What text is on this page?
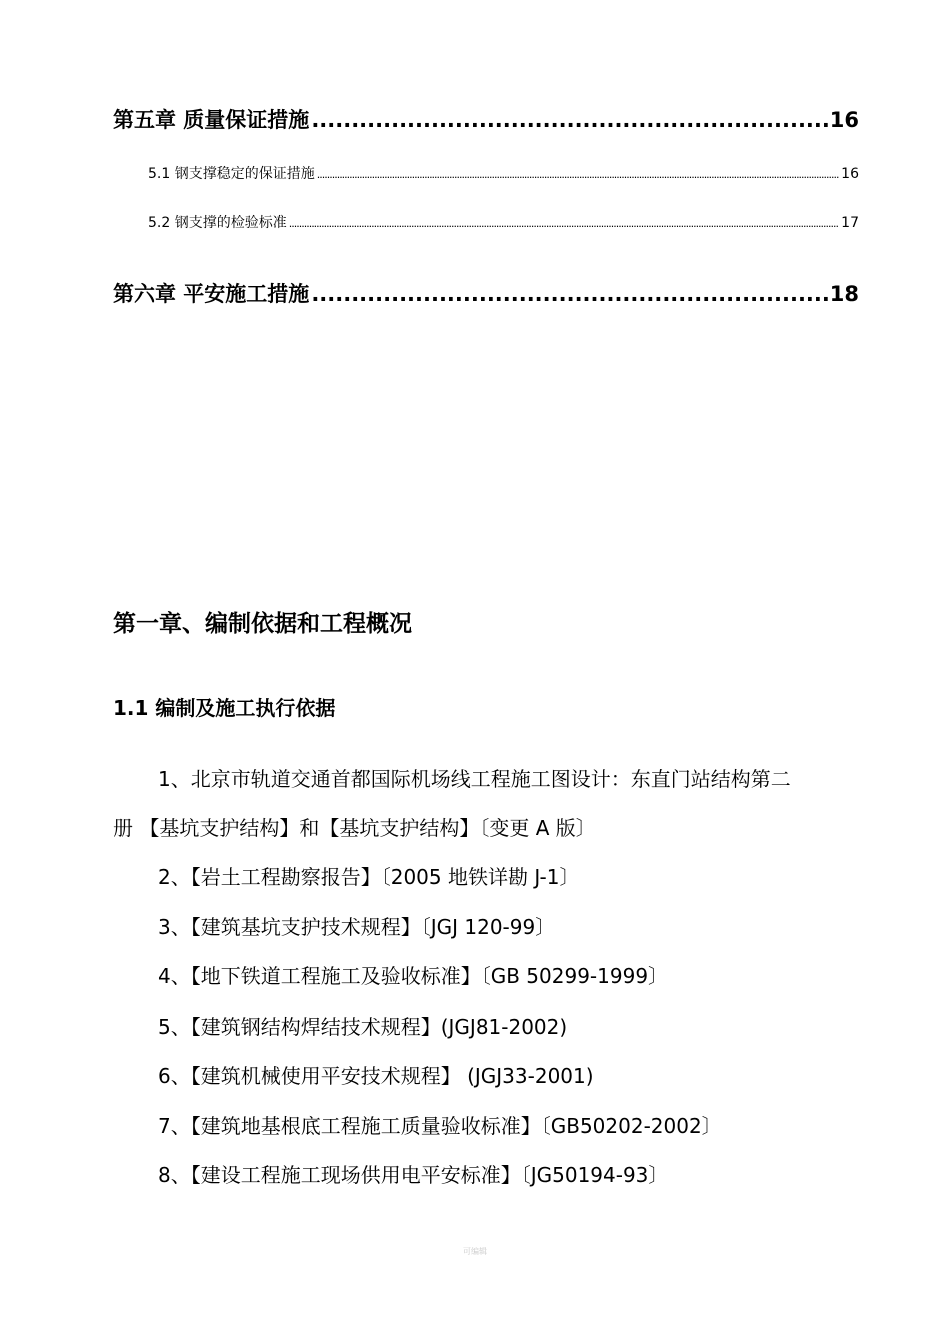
第五章 质量保证措施 .....	16
5.1 钢支撑稳定的保证措施 .....	16
5.2 钢支撑的检验标准 .....	17
第六章 平安施工措施 .....	18
第一章、编制依据和工程概况
1.1 编制及施工执行依据
1、北京市轨道交通首都国际机场线工程施工图设计：东直门站结构第二
册 【基坑支护结构】和【基坑支护结构】〔变更 A 版〕
2、【岩土工程勘察报告】〔2005 地铁详勘 J-1〕
3、【建筑基坑支护技术规程】〔JGJ 120-99〕
4、【地下铁道工程施工及验收标准】〔GB 50299-1999〕
5、【建筑钢结构焊结技术规程】(JGJ81-2002)
6、【建筑机械使用平安技术规程】 (JGJ33-2001)
7、【建筑地基根底工程施工质量验收标准】〔GB50202-2002〕
8、【建设工程施工现场供用电平安标准】〔JG50194-93〕
可编辑
